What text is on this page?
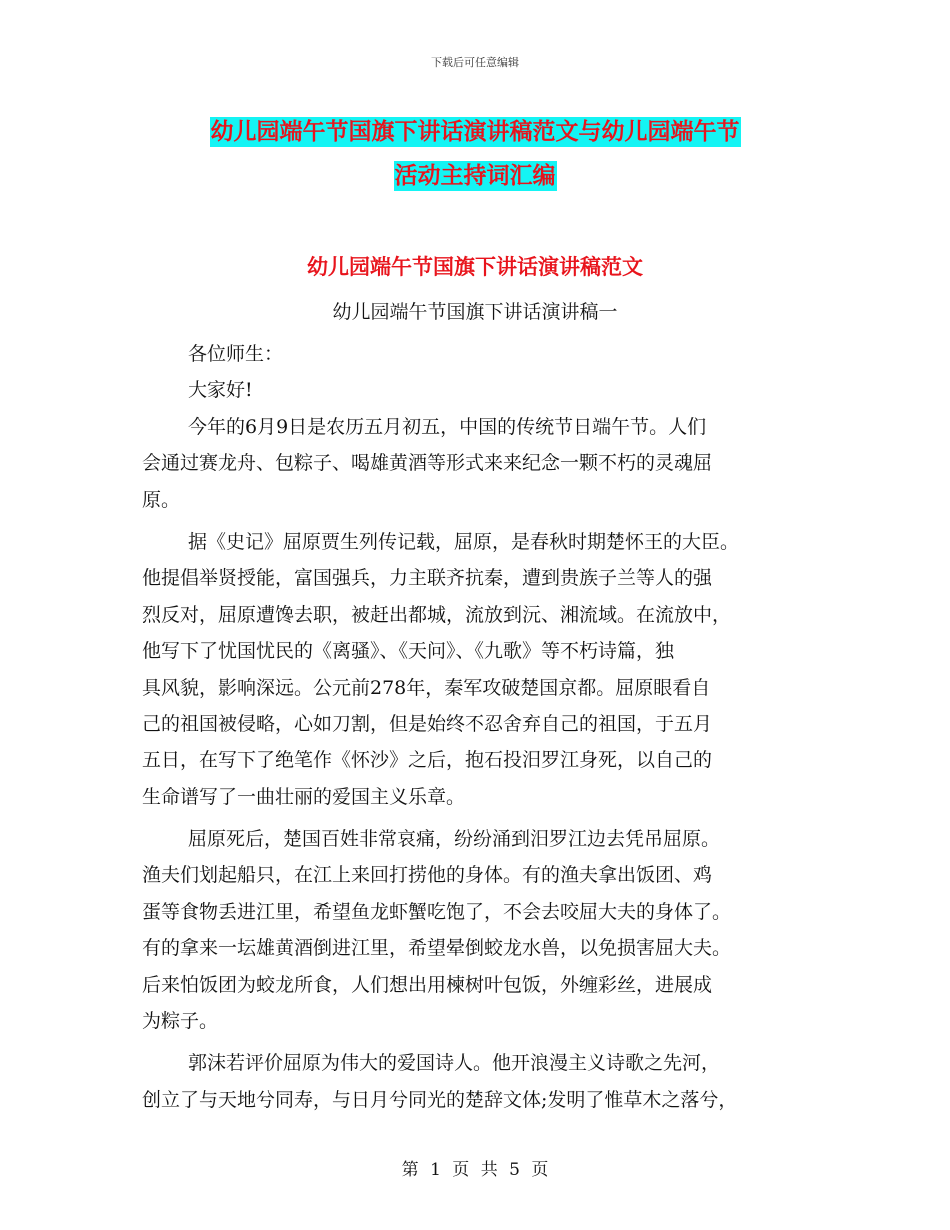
下载后可任意编辑
幼儿园端午节国旗下讲话演讲稿范文与幼儿园端午节
活动主持词汇编
幼儿园端午节国旗下讲话演讲稿范文
幼儿园端午节国旗下讲话演讲稿一
各位师生：
大家好!
今年的6月9日是农历五月初五，中国的传统节日端午节。人们
会通过赛龙舟、包粽子、喝雄黄酒等形式来来纪念一颗不朽的灵魂屈
原。
据《史记》屈原贾生列传记载，屈原，是春秋时期楚怀王的大臣。
他提倡举贤授能，富国强兵，力主联齐抗秦，遭到贵族子兰等人的强
烈反对，屈原遭馋去职，被赶出都城，流放到沅、湘流域。在流放中，
他写下了忧国忧民的《离骚》、《天问》、《九歌》等不朽诗篇，独
具风貌，影响深远。公元前278年，秦军攻破楚国京都。屈原眼看自
己的祖国被侵略，心如刀割，但是始终不忍舍弃自己的祖国，于五月
五日，在写下了绝笔作《怀沙》之后，抱石投汨罗江身死，以自己的
生命谱写了一曲壮丽的爱国主义乐章。
屈原死后，楚国百姓非常哀痛，纷纷涌到汨罗江边去凭吊屈原。
渔夫们划起船只，在江上来回打捞他的身体。有的渔夫拿出饭团、鸡
蛋等食物丢进江里，希望鱼龙虾蟹吃饱了，不会去咬屈大夫的身体了。
有的拿来一坛雄黄酒倒进江里，希望晕倒蛟龙水兽，以免损害屈大夫。
后来怕饭团为蛟龙所食，人们想出用楝树叶包饭，外缠彩丝，进展成
为粽子。
郭沫若评价屈原为伟大的爱国诗人。他开浪漫主义诗歌之先河，
创立了与天地兮同寿，与日月兮同光的楚辞文体;发明了惟草木之落兮，
第 1 页 共 5 页
